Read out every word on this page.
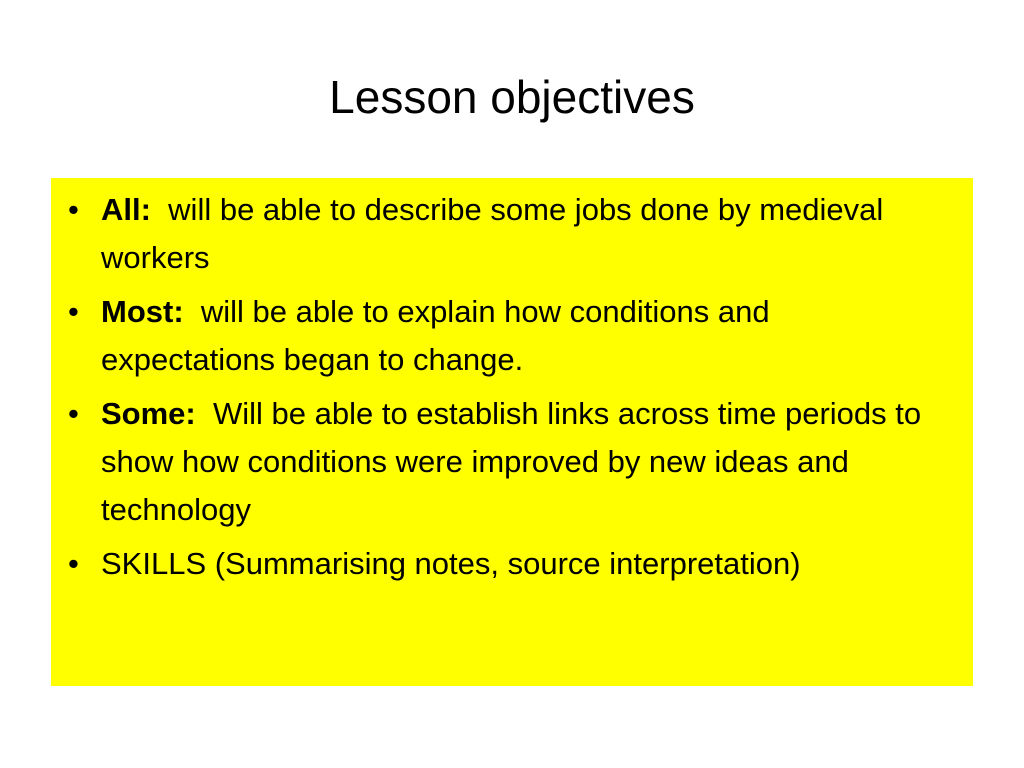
Lesson objectives
• All:  will be able to describe some jobs done by medieval workers
• Most:  will be able to explain how conditions and expectations began to change.
• Some:  Will be able to establish links across time periods to show how conditions were improved by new ideas and technology
• SKILLS (Summarising notes, source interpretation)
